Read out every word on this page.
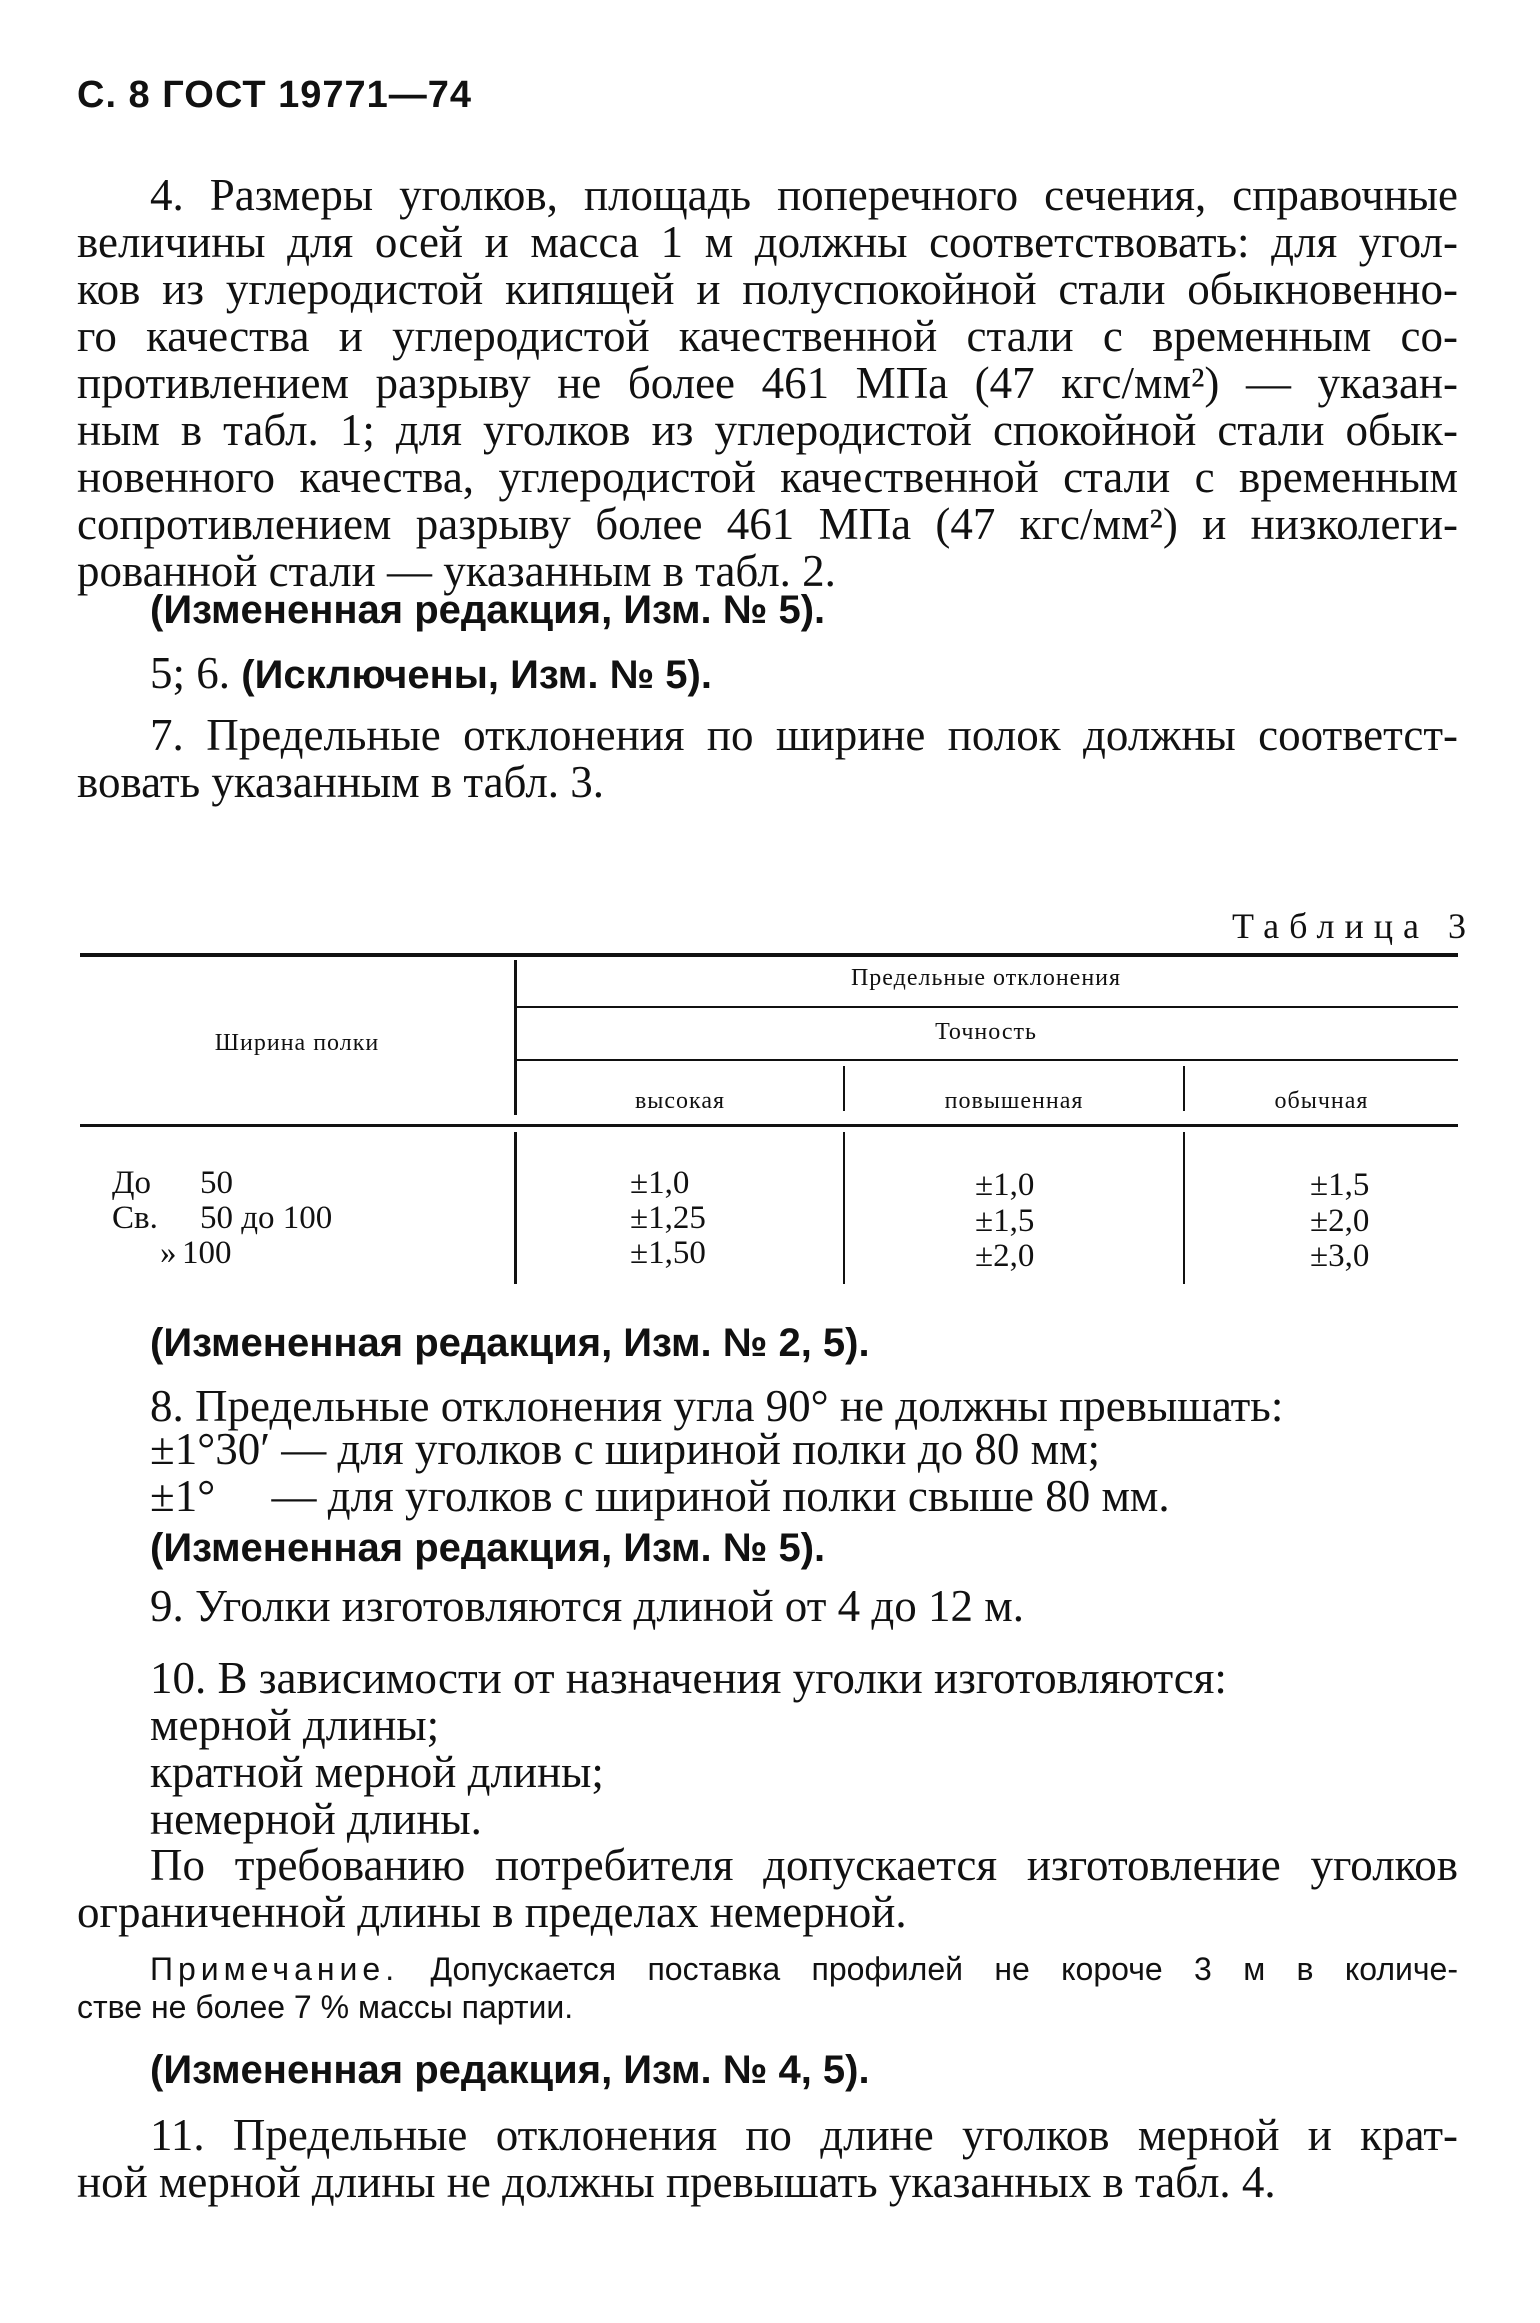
С. 8 ГОСТ 19771—74
4. Размеры уголков, площадь поперечного сечения, справочные
величины для осей и масса 1 м должны соответствовать: для угол-
ков из углеродистой кипящей и полуспокойной стали обыкновенно-
го качества и углеродистой качественной стали с временным со-
противлением разрыву не более 461 МПа (47 кгс/мм²) — указан-
ным в табл. 1; для уголков из углеродистой спокойной стали обык-
новенного качества, углеродистой качественной стали с временным
сопротивлением разрыву более 461 МПа (47 кгс/мм²) и низколеги-
рованной стали — указанным в табл. 2.
(Измененная редакция, Изм. № 5).
5; 6. (Исключены, Изм. № 5).
7. Предельные отклонения по ширине полок должны соответст-
вовать указанным в табл. 3.
Таблица 3
Предельные отклонения
Точность
Ширина полки
высокая	повышенная	обычная
До 50	±1,0	±1,0	±1,5
Св. 50 до 100	±1,25	±1,5	±2,0
» 100	±1,50	±2,0	±3,0
(Измененная редакция, Изм. № 2, 5).
8. Предельные отклонения угла 90° не должны превышать:
±1°30′ — для уголков с шириной полки до 80 мм;
±1°     — для уголков с шириной полки свыше 80 мм.
(Измененная редакция, Изм. № 5).
9. Уголки изготовляются длиной от 4 до 12 м.
10. В зависимости от назначения уголки изготовляются:
мерной длины;
кратной мерной длины;
немерной длины.
По требованию потребителя допускается изготовление уголков
ограниченной длины в пределах немерной.
Примечание. Допускается поставка профилей не короче 3 м в количе-
стве не более 7 % массы партии.
(Измененная редакция, Изм. № 4, 5).
11. Предельные отклонения по длине уголков мерной и крат-
ной мерной длины не должны превышать указанных в табл. 4.
